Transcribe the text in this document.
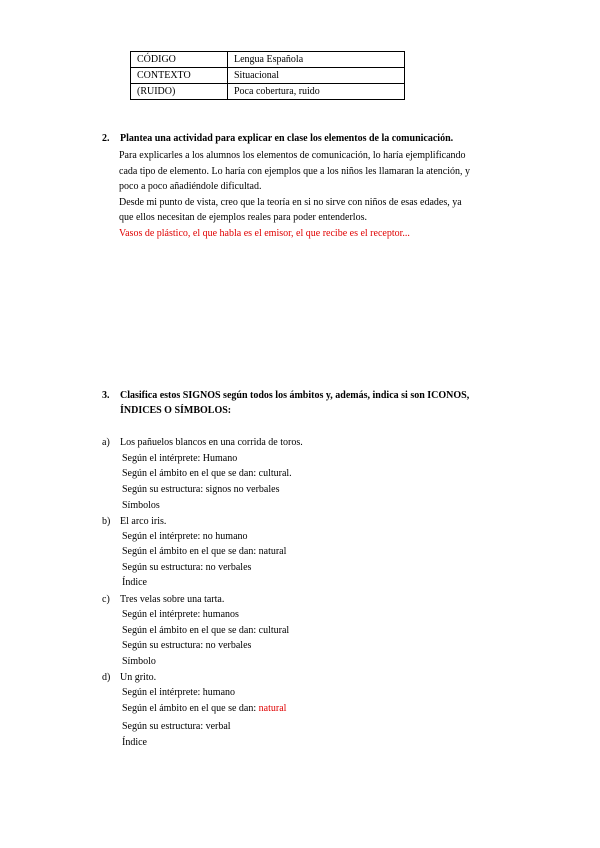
CÓDIGO	Lengua Española
CONTEXTO	Situacional
(RUIDO)	Poca cobertura, ruido
2. Plantea una actividad para explicar en clase los elementos de la comunicación.
Para explicarles a los alumnos los elementos de comunicación, lo haría ejemplificando
cada tipo de elemento. Lo haría con ejemplos que a los niños les llamaran la atención, y
poco a poco añadiéndole dificultad.
Desde mi punto de vista, creo que la teoría en si no sirve con niños de esas edades, ya
que ellos necesitan de ejemplos reales para poder entenderlos.
Vasos de plástico, el que habla es el emisor, el que recibe es el receptor...
3. Clasifica estos SIGNOS según todos los ámbitos y, además, indica si son ICONOS,
ÍNDICES O SÍMBOLOS:
a) Los pañuelos blancos en una corrida de toros.
Según el intérprete: Humano
Según el ámbito en el que se dan: cultural.
Según su estructura: signos no verbales
Símbolos
b) El arco iris.
Según el intérprete: no humano
Según el ámbito en el que se dan: natural
Según su estructura: no verbales
Índice
c) Tres velas sobre una tarta.
Según el intérprete: humanos
Según el ámbito en el que se dan: cultural
Según su estructura: no verbales
Símbolo
d) Un grito.
Según el intérprete: humano
Según el ámbito en el que se dan: natural
Según su estructura: verbal
Índice
